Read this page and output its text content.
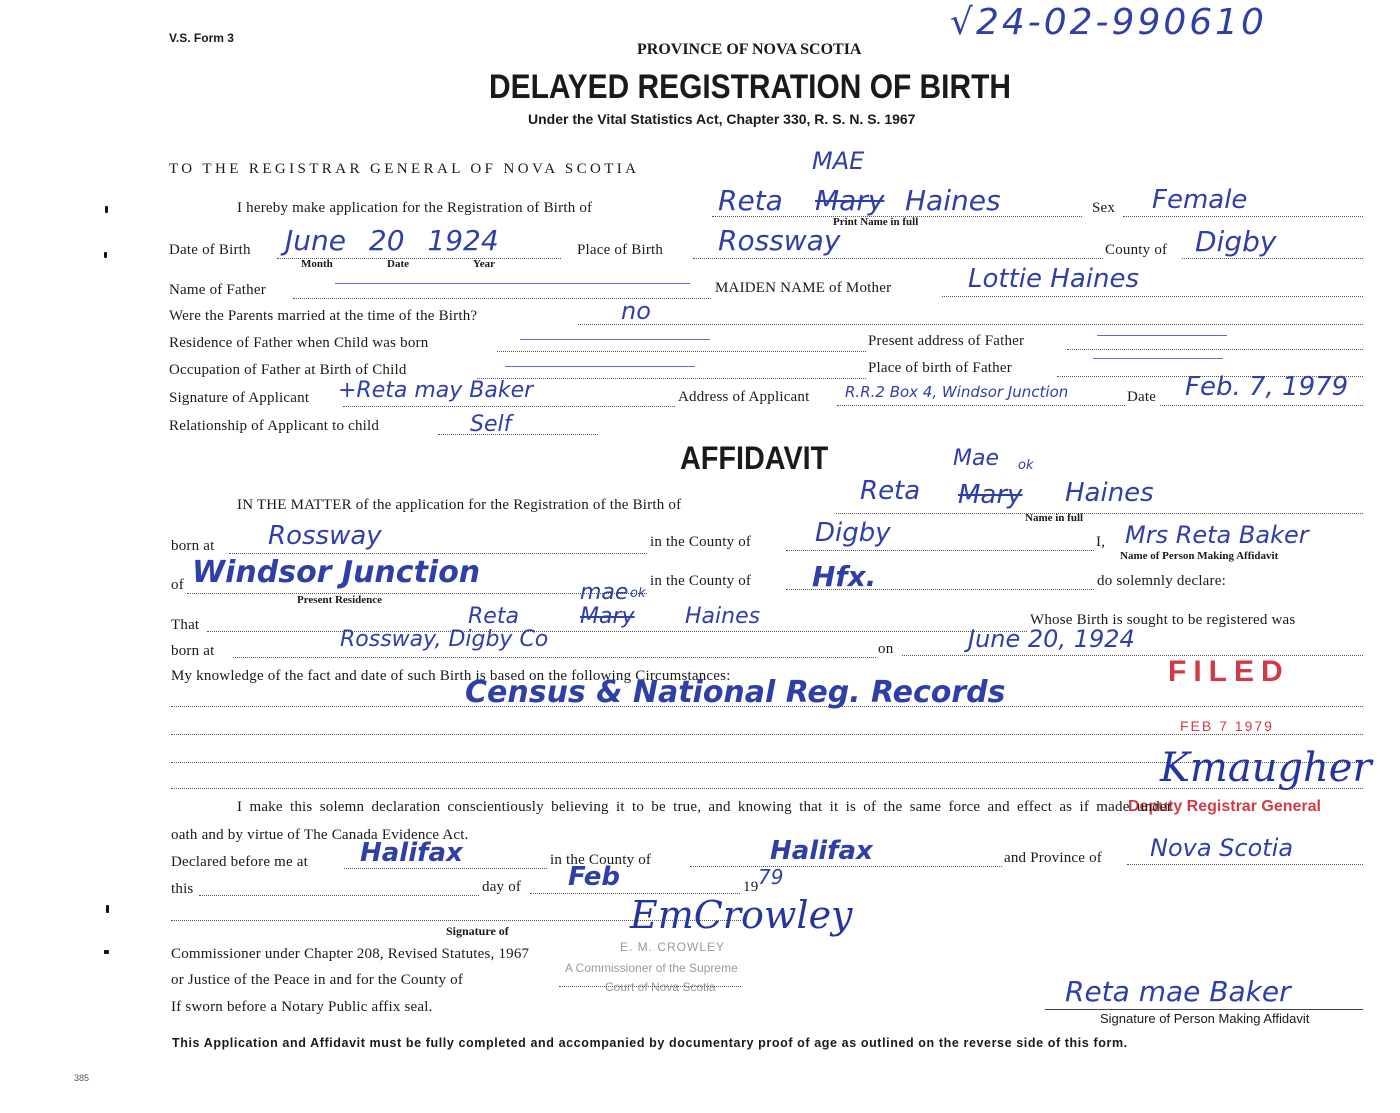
V.S. Form 3	√24-02-990610
PROVINCE OF NOVA SCOTIA
DELAYED REGISTRATION OF BIRTH
Under the Vital Statistics Act, Chapter 330, R. S. N. S. 1967
TO THE REGISTRAR GENERAL OF NOVA SCOTIA	MAE
I hereby make application for the Registration of Birth of	Reta Mary Haines
Print Name in full
Sex Female
Date of Birth June 20 1924
Month	Date	Year
Place of Birth Rossway	County of Digby
Name of Father	MAIDEN NAME of Mother	Lottie Haines
Were the Parents married at the time of the Birth?	no
Residence of Father when Child was born	Present address of Father
Occupation of Father at Birth of Child	Place of birth of Father
Signature of Applicant +Reta may Baker	Address of Applicant R.R.2 Box 4, Windsor Junction	Date Feb. 7, 1979
Relationship of Applicant to child	Self
AFFIDAVIT	Mae ok
IN THE MATTER of the application for the Registration of the Birth of	Reta Mary Haines
Name in full
born at Rossway	in the County of Digby	I, Mrs Reta Baker
Name of Person Making Affidavit
of Windsor Junction
Present Residence
in the County of Hfx.	do solemnly declare:
That
mae ok
Reta	Mary Haines	Whose Birth is sought to be registered was
born at	Rossway, Digby Co	on	June 20, 1924
My knowledge of the fact and date of such Birth is based on the following Circumstances:
Census & National Reg. Records
FILED
FEB 7 1979
Kmaugher
Deputy Registrar General
I make this solemn declaration conscientiously believing it to be true, and knowing that it is of the same force and effect as if made under
oath and by virtue of The Canada Evidence Act.
Declared before me at Halifax	in the County of	Halifax	and Province of Nova Scotia
this	day of Feb	19 79
EmCrowley
Signature of
Commissioner under Chapter 208, Revised Statutes, 1967	E. M. CROWLEY
A Commissioner of the Supreme
Court of Nova Scotia
or Justice of the Peace in and for the County of
If sworn before a Notary Public affix seal.	Reta mae Baker
Signature of Person Making Affidavit
This Application and Affidavit must be fully completed and accompanied by documentary proof of age as outlined on the reverse side of this form.
385
